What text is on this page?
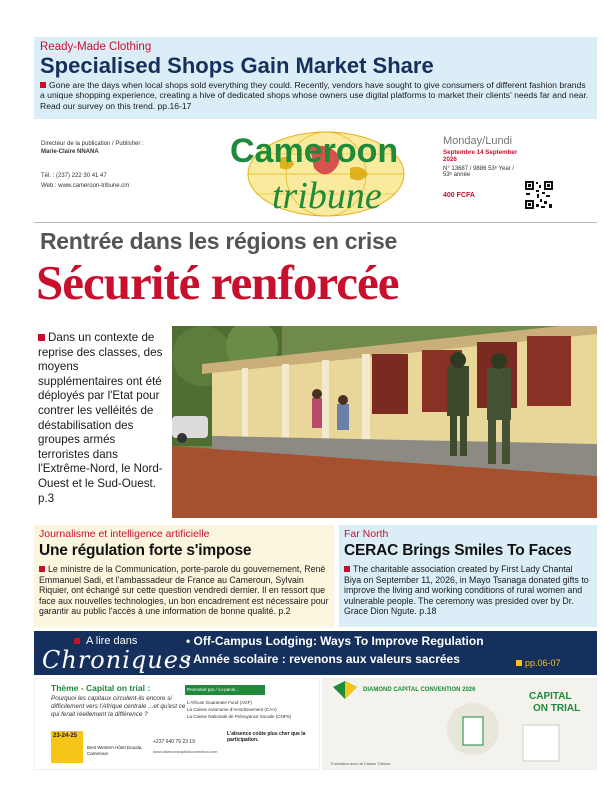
Ready-Made Clothing
Specialised Shops Gain Market Share
Gone are the days when local shops sold everything they could. Recently, vendors have sought to give consumers of different fashion brands a unique shopping experience, creating a hive of dedicated shops whose owners use digital platforms to market their clients' needs far and near. Read our survey on this trend. pp.16-17
Directeur de la publication / Publisher :
Marie-Claire NNANA
Tél. : (237) 222 30 41 47
Web : www.cameroon-tribune.cm
Cameroon
tribune
Monday/Lundi
Septembre 14 September 2026
N° 13687 / 9886 53ᵉ Year / 53ᵉ année
400 FCFA
Rentrée dans les régions en crise
Sécurité renforcée
Dans un contexte de reprise des classes, des moyens supplémentaires ont été déployés par l'Etat pour contrer les velléités de déstabilisation des groupes armés terroristes dans l'Extrême-Nord, le Nord-Ouest et le Sud-Ouest. p.3
Journalisme et intelligence artificielle
Une régulation forte s'impose
Le ministre de la Communication, porte-parole du gouvernement, René Emmanuel Sadi, et l'ambassadeur de France au Cameroun, Sylvain Riquier, ont échangé sur cette question vendredi dernier. Il en ressort que face aux nouvelles technologies, un bon encadrement est nécessaire pour garantir au public l'accès à une information de bonne qualité. p.2
Far North
CERAC Brings Smiles To Faces
The charitable association created by First Lady Chantal Biya on September 11, 2026, in Mayo Tsanaga donated gifts to improve the living and working conditions of rural women and vulnerable people. The ceremony was presided over by Dr. Grace Dion Ngute. p.18
A lire dans
Chroniques
• Off-Campus Lodging: Ways To Improve Regulation
• Année scolaire : revenons aux valeurs sacrées	pp.06-07
Thème - Capital on trial :
Pourquoi les capitaux circulent-ils encore si difficilement vers l'Afrique centrale ...et qu'est ce qui ferait réellement la différence ?
Promoted par / co-panel...
L'African Guarantee Fund (AGF)
La Caisse Autonome d'Amortissement (CAA)
La Caisse Nationale de Prévoyance Sociale (CNPS)
23-24-25
Best Western Hôtel Douala, Cameroun
+237 640 79 23 19
www.diamondcapitalconvention.com
L'absence coûte plus cher que la participation.
DIAMOND CAPITAL CONVENTION 2026
CAPITAL
ON TRIAL
Formation avec la Caisse Tribune
